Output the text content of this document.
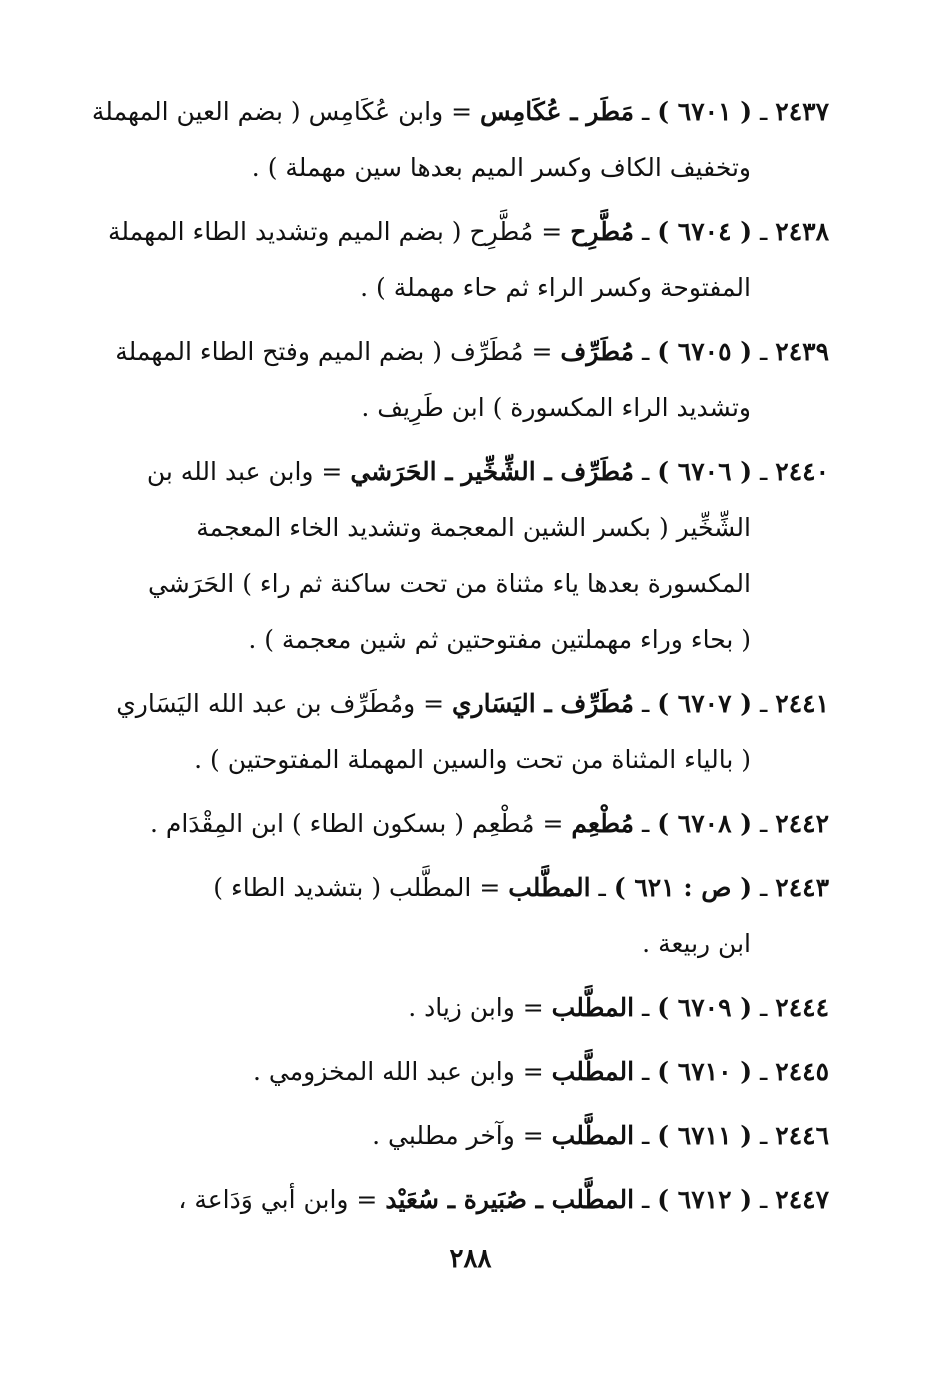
٢٤٣٧ ـ ( ٦٧٠١ ) ـ مَطَر ـ عُكَامِس = وابن عُكَامِس ( بضم العين المهملة
وتخفيف الكاف وكسر الميم بعدها سين مهملة ) .
٢٤٣٨ ـ ( ٦٧٠٤ ) ـ مُطَّرِح = مُطَّرِح ( بضم الميم وتشديد الطاء المهملة
المفتوحة وكسر الراء ثم حاء مهملة ) .
٢٤٣٩ ـ ( ٦٧٠٥ ) ـ مُطَرِّف = مُطَرِّف ( بضم الميم وفتح الطاء المهملة
وتشديد الراء المكسورة ) ابن طَرِيف .
٢٤٤٠ ـ ( ٦٧٠٦ ) ـ مُطَرِّف ـ الشِّخِّير ـ الحَرَشي = وابن عبد الله بن
الشِّخِّير ( بكسر الشين المعجمة وتشديد الخاء المعجمة
المكسورة بعدها ياء مثناة من تحت ساكنة ثم راء ) الحَرَشي
( بحاء وراء مهملتين مفتوحتين ثم شين معجمة ) .
٢٤٤١ ـ ( ٦٧٠٧ ) ـ مُطَرِّف ـ اليَسَاري = ومُطَرِّف بن عبد الله اليَسَاري
( بالياء المثناة من تحت والسين المهملة المفتوحتين ) .
٢٤٤٢ ـ ( ٦٧٠٨ ) ـ مُطْعِم = مُطْعِم ( بسكون الطاء ) ابن المِقْدَام .
٢٤٤٣ ـ ( ص : ٦٢١ ) ـ المطَّلب = المطَّلب ( بتشديد الطاء )
ابن ربيعة .
٢٤٤٤ ـ ( ٦٧٠٩ ) ـ المطَّلب = وابن زياد .
٢٤٤٥ ـ ( ٦٧١٠ ) ـ المطَّلب = وابن عبد الله المخزومي .
٢٤٤٦ ـ ( ٦٧١١ ) ـ المطَّلب = وآخر مطلبي .
٢٤٤٧ ـ ( ٦٧١٢ ) ـ المطَّلب ـ صُبَيرة ـ سُعَيْد = وابن أبي وَدَاعة ،
٢٨٨
